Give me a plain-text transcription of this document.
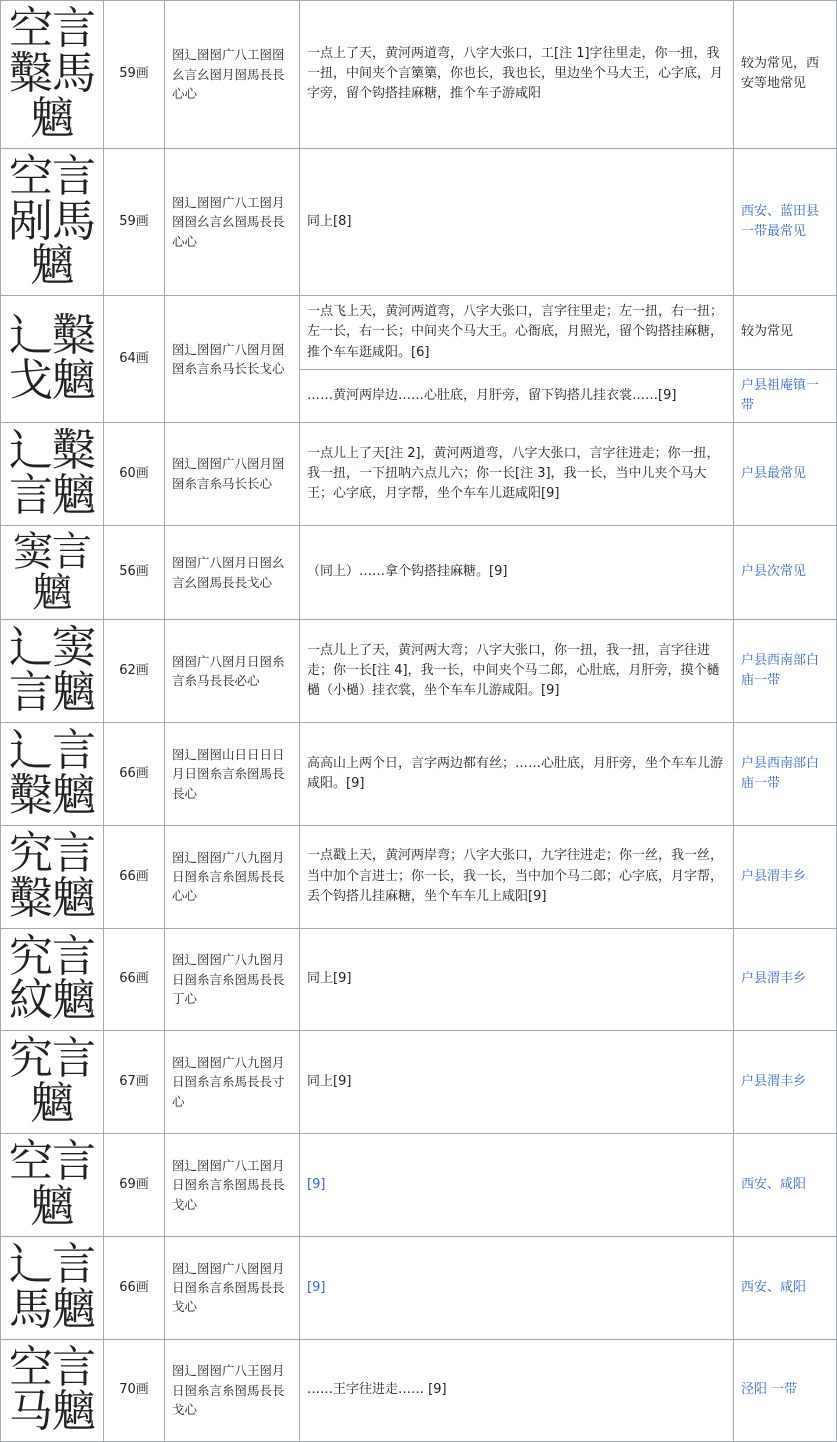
空言糳馬魑	59画	囶辶囶囶广八工囶囶幺言幺囶月囶馬長長心心	一点上了天，黄河两道弯，八字大张口，工[注 1]字往里走，你一扭，我一扭，中间夹个言篥篥，你也长，我也长，里边坐个马大王，心字底，月字旁，留个钩搭挂麻糖，推个车子游咸阳	较为常见，西安等地常见

空言剐馬魑	59画	囶辶囶囶广八工囶月囶囶幺言幺囶馬長長心心	同上[8]	西安、蓝田县一带最常见

辶糳戈魑	64画	囶辶囶囶广八囶月囶囶糸言糸马长长戈心	一点飞上天，黄河两道弯，八字大张口，言字往里走；左一扭，右一扭；左一长，右一长；中间夹个马大王。心衙底，月照光，留个钩搭挂麻糖，推个车车逛咸阳。[6]	较为常见
			……黄河两岸边……心肚底，月肝旁，留下钩搭儿挂衣裳……[9]	户县祖庵镇一带

辶糳言魑	60画	囶辶囶囶广八囶月囶囶糸言糸马长长心	一点儿上了天[注 2]，黄河两道弯，八字大张口，言字往进走；你一扭，我一扭，一下扭呐六点儿六；你一长[注 3]，我一长，当中儿夹个马大王；心字底，月字帮，坐个车车儿逛咸阳[9]	户县最常见

窦言魑	56画	囶囶广八囶月日囶幺言幺囶馬長長戈心	（同上）……拿个钩搭挂麻糖。[9]	户县次常见

辶窦言魑	62画	囶囶广八囶月日囶糸言糸马長長必心	一点儿上了天，黄河两大弯；八字大张口，你一扭，我一扭，言字往进走；你一长[注 4]，我一长，中间夹个马二郎，心肚底，月肝旁，摸个檛檛（小檛）挂衣裳，坐个车车儿游咸阳。[9]	户县西南部白庙一带

辶言糳魑	66画	囶辶囶囶山日日日日月日囶糸言糸囶馬長長心	高高山上两个日，言字两边都有丝；……心肚底，月肝旁，坐个车车儿游咸阳。[9]	户县西南部白庙一带

究言糳魑	66画	囶辶囶囶广八九囶月日囶糸言糸囶馬長長心心	一点戳上天，黄河两岸弯；八字大张口，九字往进走；你一丝，我一丝，当中加个言进士；你一长，我一长，当中加个马二郎；心字底，月字帮，丢个钩搭儿挂麻糖，坐个车车儿上咸阳[9]	户县渭丰乡

究言紋魑	66画	囶辶囶囶广八九囶月日囶糸言糸囶馬長長丁心	同上[9]	户县渭丰乡

究言魑	67画	囶辶囶囶广八九囶月日囶糸言糸馬長長寸心	同上[9]	户县渭丰乡

空言魑	69画	囶辶囶囶广八工囶月日囶糸言糸囶馬長長戈心	[9]	西安、咸阳

辶言馬魑	66画	囶辶囶囶广八囶囶月日囶糸言糸囶馬長長戈心	[9]	西安、咸阳

空言马魑	70画	囶辶囶囶广八王囶月日囶糸言糸囶馬長長戈心	……王字往进走…… [9]	泾阳 一带
